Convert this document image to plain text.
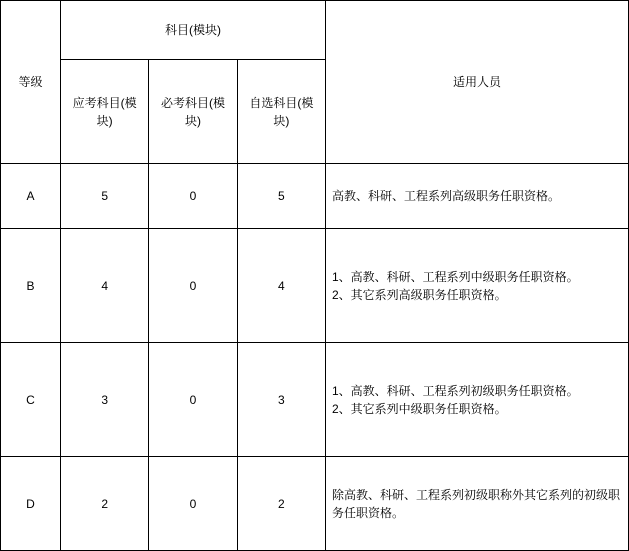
等级	科目(模块)			适用人员
	应考科目(模块)	必考科目(模块)	自选科目(模块)	
A	5	0	5	高教、科研、工程系列高级职务任职资格。

B	4	0	4	1、高教、科研、工程系列中级职务任职资格。
2、其它系列高级职务任职资格。

C	3	0	3	1、高教、科研、工程系列初级职务任职资格。
2、其它系列中级职务任职资格。

D	2	0	2	除高教、科研、工程系列初级职称外其它系列的初级职务任职资格。
